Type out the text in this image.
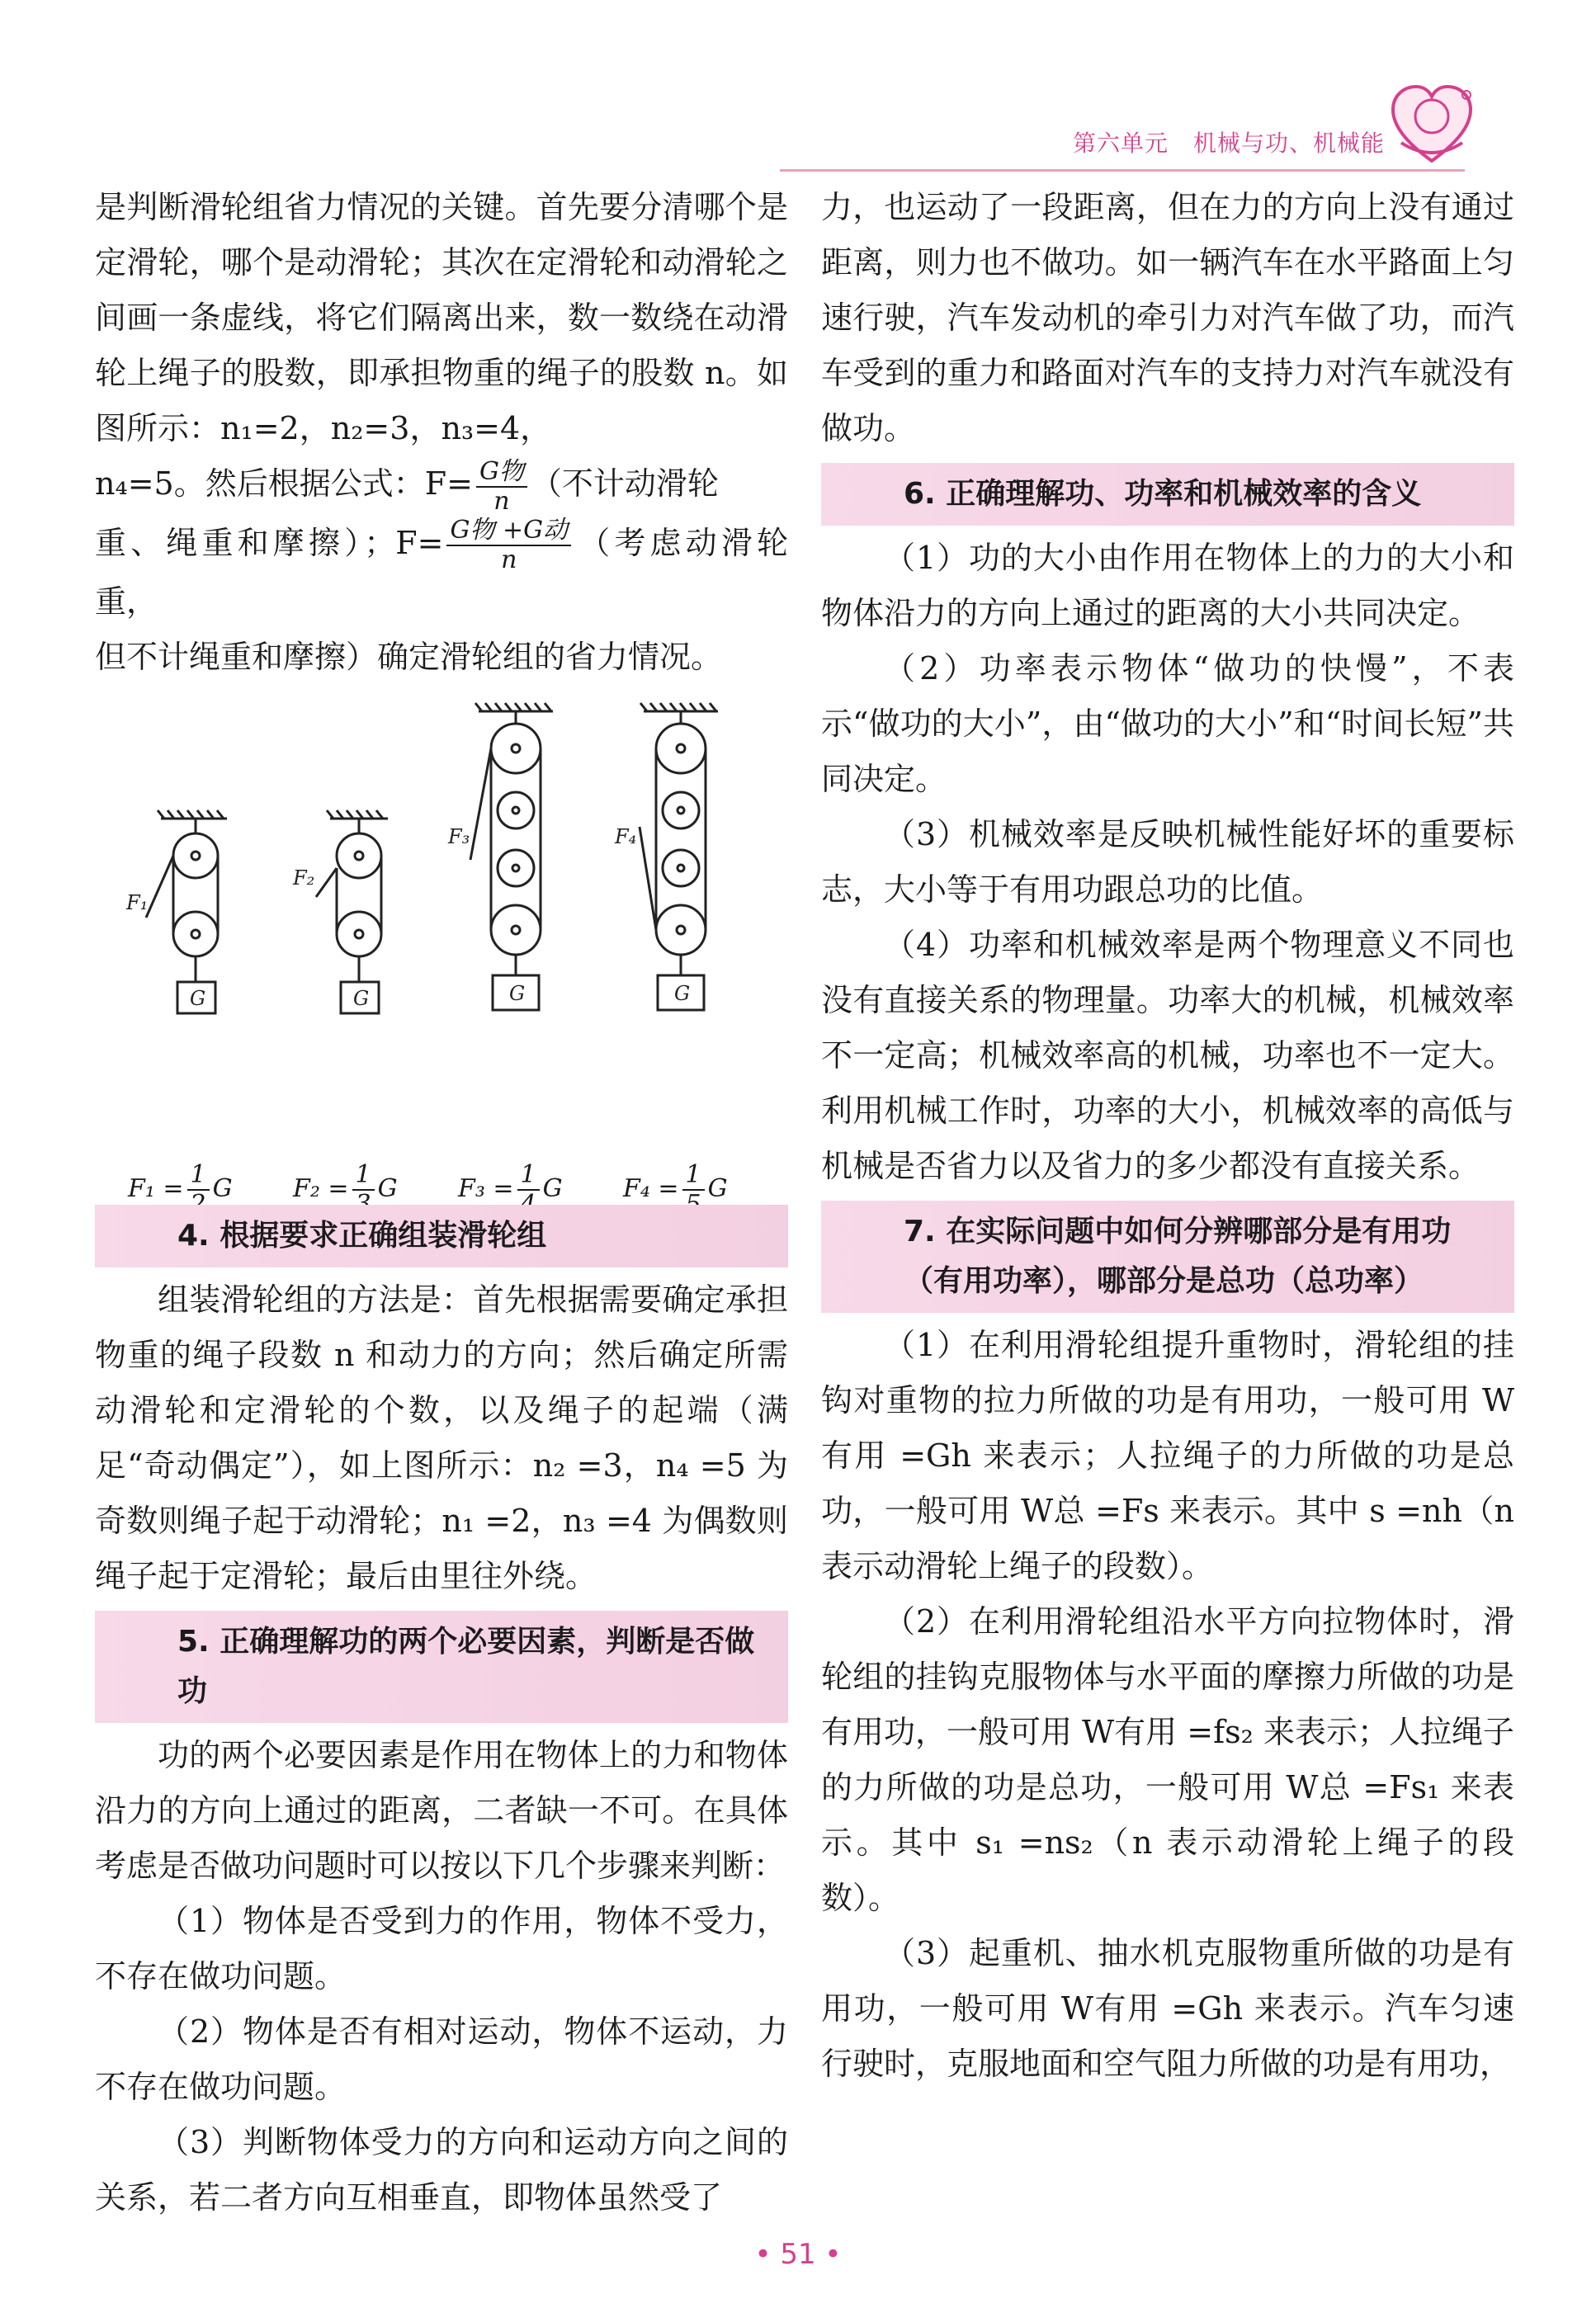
第六单元 机械与功、机械能

是判断滑轮组省力情况的关键。首先要分清哪个是定滑轮，哪个是动滑轮；其次在定滑轮和动滑轮之间画一条虚线，将它们隔离出来，数一数绕在动滑轮上绳子的股数，即承担物重的绳子的股数 n。如图所示：n₁=2，n₂=3，n₃=4，

n₄=5。然后根据公式：$F= \frac{\text{G物}}{n}$ （不计动滑轮

重、绳重和摩擦）；$F= \frac{\text{G物 +G动}}{n}$ （考虑动滑轮重，

但不计绳重和摩擦）确定滑轮组的省力情况。

F₁
F₂
F₃	F₄
G	G	G	G
F₁ = 1 G F₂ = 1 G F₃ = 1 G F₄ = 1 G
4. 根据要求正确组装滑轮组

组装滑轮组的方法是：首先根据需要确定承担物重的绳子段数 n 和动力的方向；然后确定所需动滑轮和定滑轮的个数，以及绳子的起端（满足“奇动偶定”），如上图所示：n₂ =3，n₄ =5 为奇数则绳子起于动滑轮；n₁ =2，n₃ =4 为偶数则绳子起于定滑轮；最后由里往外绕。

5. 正确理解功的两个必要因素，判断是否做功

功的两个必要因素是作用在物体上的力和物体沿力的方向上通过的距离，二者缺一不可。在具体考虑是否做功问题时可以按以下几个步骤来判断：

（1）物体是否受到力的作用，物体不受力，不存在做功问题。

（2）物体是否有相对运动，物体不运动，力不存在做功问题。

（3）判断物体受力的方向和运动方向之间的关系，若二者方向互相垂直，即物体虽然受了

力，也运动了一段距离，但在力的方向上没有通过距离，则力也不做功。如一辆汽车在水平路面上匀速行驶，汽车发动机的牵引力对汽车做了功，而汽车受到的重力和路面对汽车的支持力对汽车就没有做功。

6. 正确理解功、功率和机械效率的含义

（1）功的大小由作用在物体上的力的大小和物体沿力的方向上通过的距离的大小共同决定。

（2）功率表示物体“做功的快慢”，不表示“做功的大小”，由“做功的大小”和“时间长短”共同决定。

（3）机械效率是反映机械性能好坏的重要标志，大小等于有用功跟总功的比值。

（4）功率和机械效率是两个物理意义不同也没有直接关系的物理量。功率大的机械，机械效率不一定高；机械效率高的机械，功率也不一定大。利用机械工作时，功率的大小，机械效率的高低与机械是否省力以及省力的多少都没有直接关系。

7. 在实际问题中如何分辨哪部分是有用功（有用功率），哪部分是总功（总功率）

（1）在利用滑轮组提升重物时，滑轮组的挂钩对重物的拉力所做的功是有用功，一般可用 W有用 =Gh 来表示；人拉绳子的力所做的功是总功，一般可用 W总 =Fs 来表示。其中 s =nh（n 表示动滑轮上绳子的段数）。

（2）在利用滑轮组沿水平方向拉物体时，滑轮组的挂钩克服物体与水平面的摩擦力所做的功是有用功，一般可用 W有用 =fs₂ 来表示；人拉绳子的力所做的功是总功，一般可用 W总 =Fs₁ 来表示。其中 s₁ =ns₂（n 表示动滑轮上绳子的段数）。

（3）起重机、抽水机克服物重所做的功是有用功，一般可用 W有用 =Gh 来表示。汽车匀速行驶时，克服地面和空气阻力所做的功是有用功，

• 51 •
